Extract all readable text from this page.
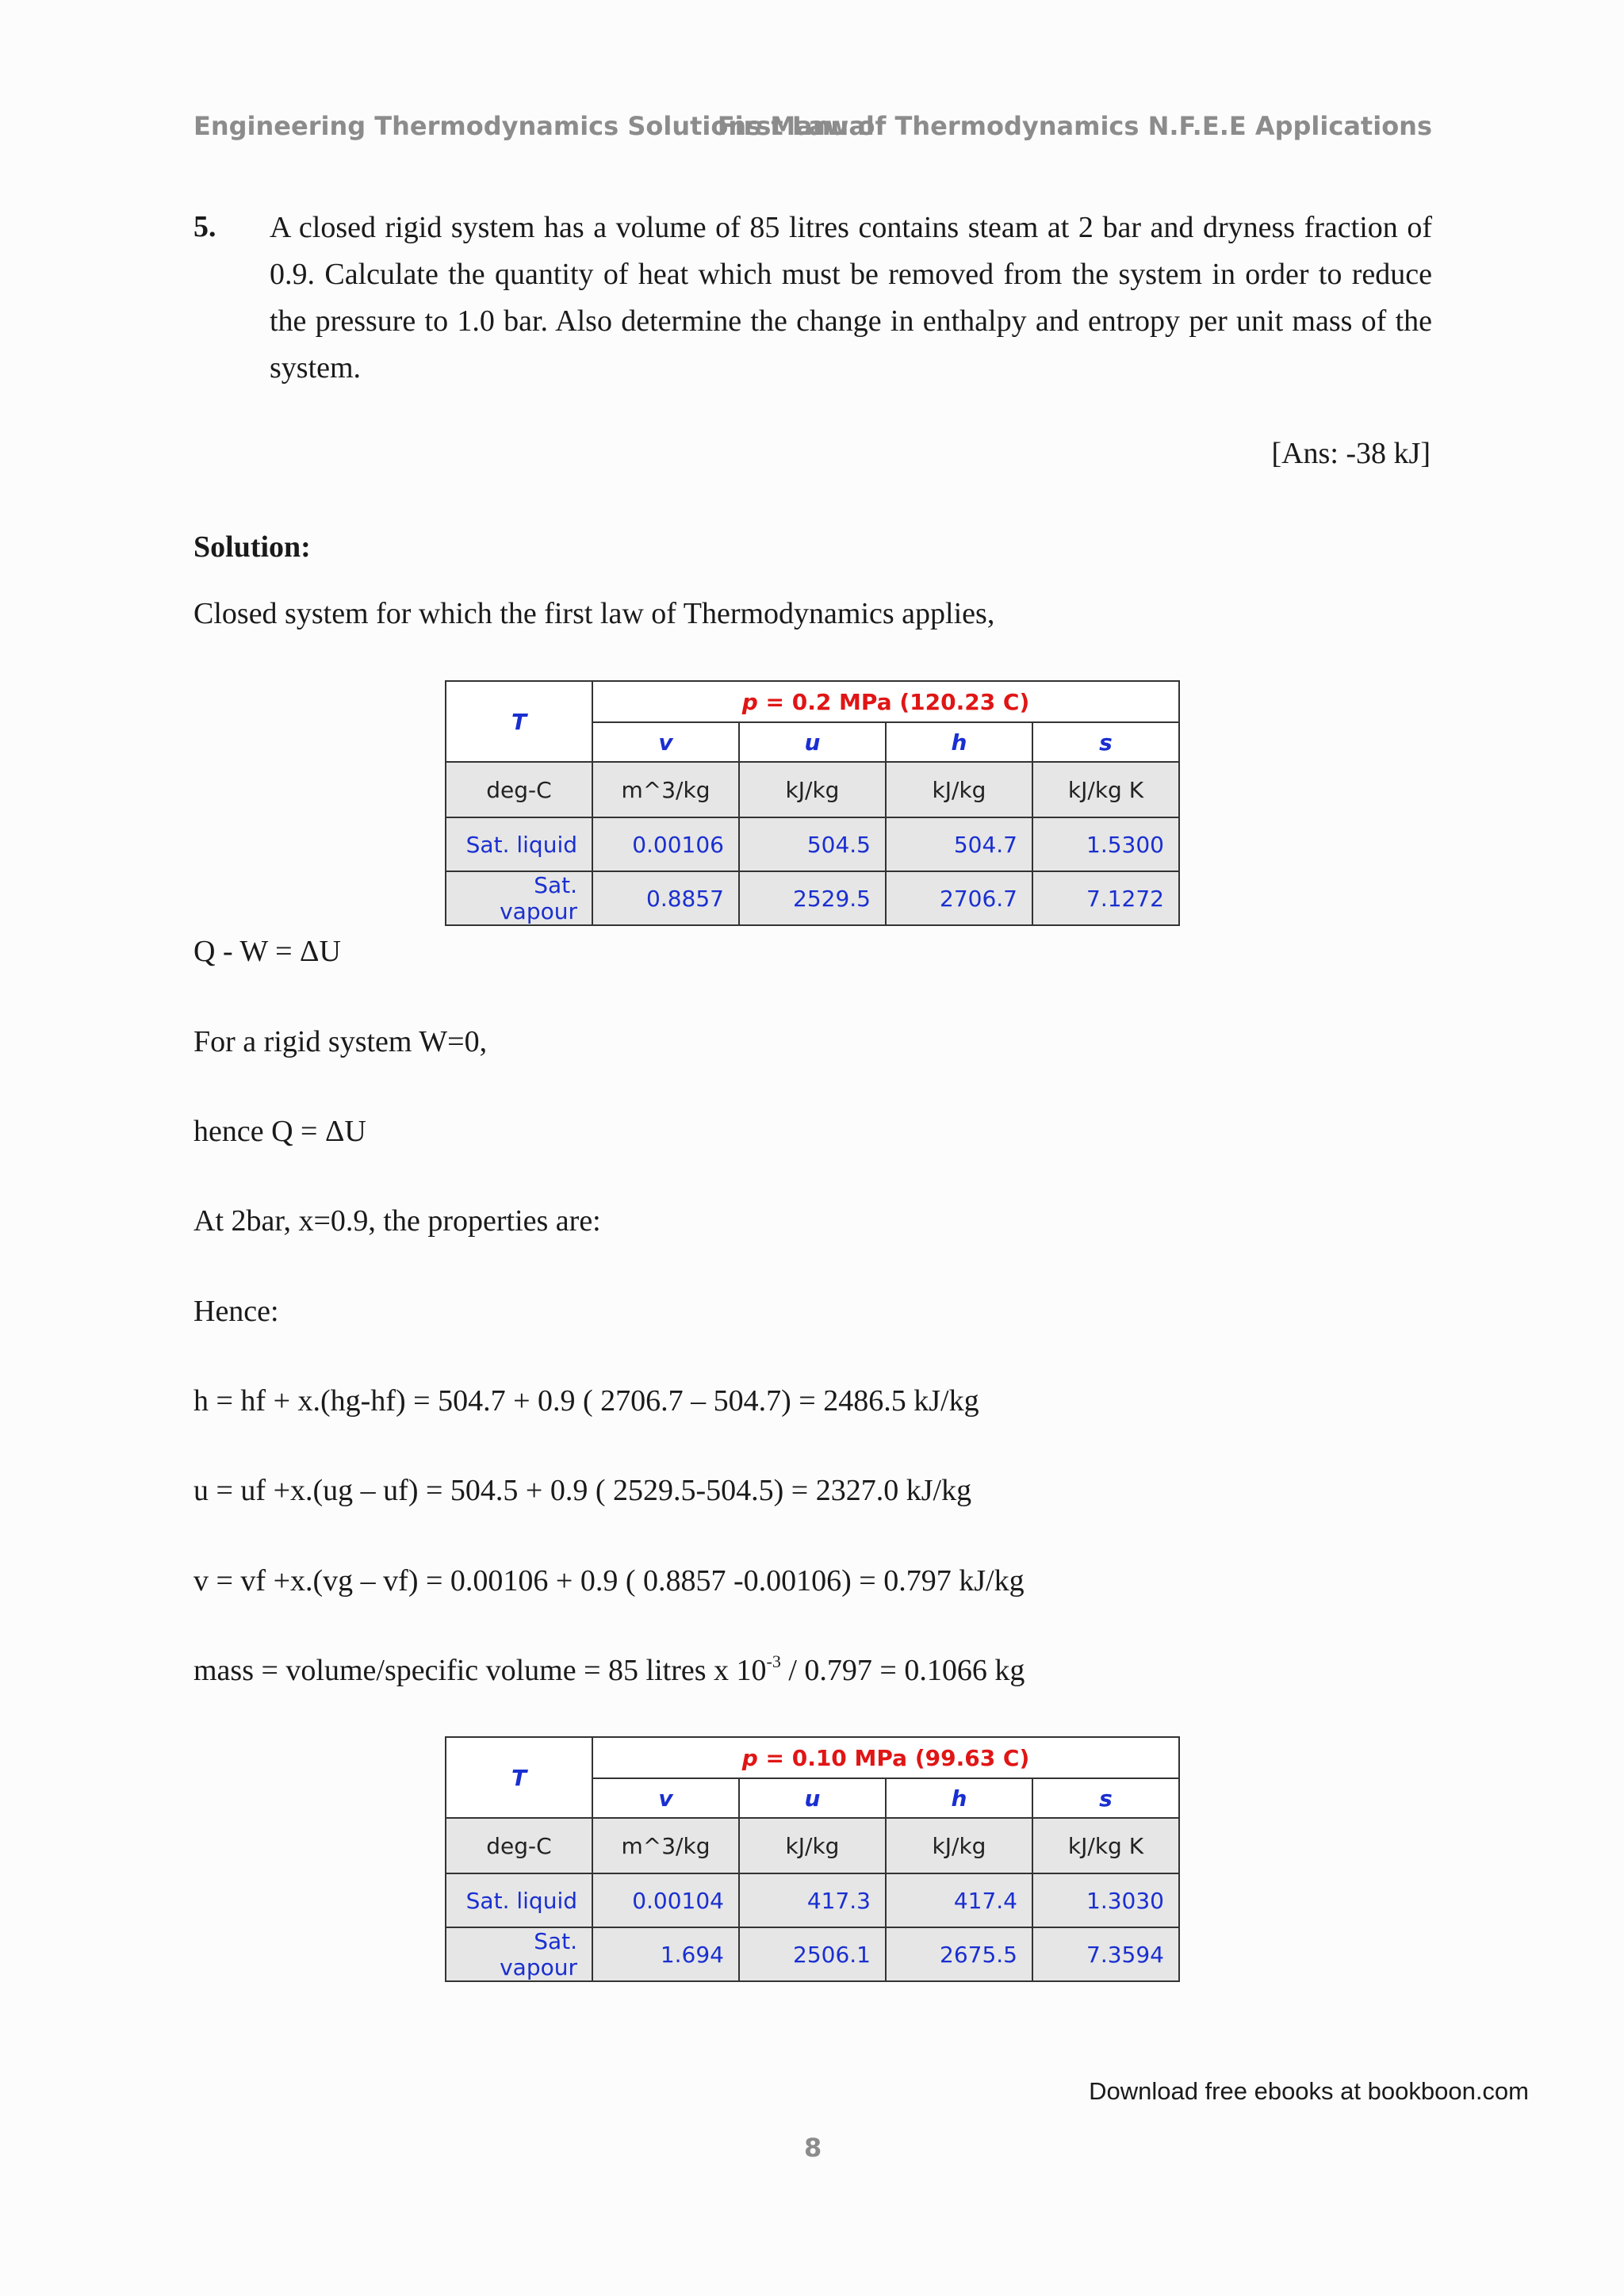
Engineering Thermodynamics Solutions Manual
First Law of Thermodynamics N.F.E.E Applications
5. A closed rigid system has a volume of 85 litres contains steam at 2 bar and dryness fraction of 0.9. Calculate the quantity of heat which must be removed from the system in order to reduce the pressure to 1.0 bar. Also determine the change in enthalpy and entropy per unit mass of the system.
[Ans: -38 kJ]
Solution:
Closed system for which the first law of Thermodynamics applies,
T	p = 0.2 MPa (120.23 C)			
	v	u	h	s
deg-C	m^3/kg	kJ/kg	kJ/kg	kJ/kg K
Sat. liquid	0.00106	504.5	504.7	1.5300
Sat. vapour	0.8857	2529.5	2706.7	7.1272
Q - W = ΔU
For a rigid system W=0,
hence Q = ΔU
At 2bar, x=0.9, the properties are:
Hence:
h = hf + x.(hg-hf) = 504.7 + 0.9 ( 2706.7 – 504.7) = 2486.5 kJ/kg
u = uf +x.(ug – uf) = 504.5 + 0.9 ( 2529.5-504.5) = 2327.0 kJ/kg
v = vf +x.(vg – vf) = 0.00106 + 0.9 ( 0.8857 -0.00106) = 0.797 kJ/kg
mass = volume/specific volume = 85 litres x $10^{-3} / 0.797 = 0.1066$ kg
T	p = 0.10 MPa (99.63 C)			
	v	u	h	s
deg-C	m^3/kg	kJ/kg	kJ/kg	kJ/kg K
Sat. liquid	0.00104	417.3	417.4	1.3030
Sat. vapour	1.694	2506.1	2675.5	7.3594
Download free ebooks at bookboon.com
8
